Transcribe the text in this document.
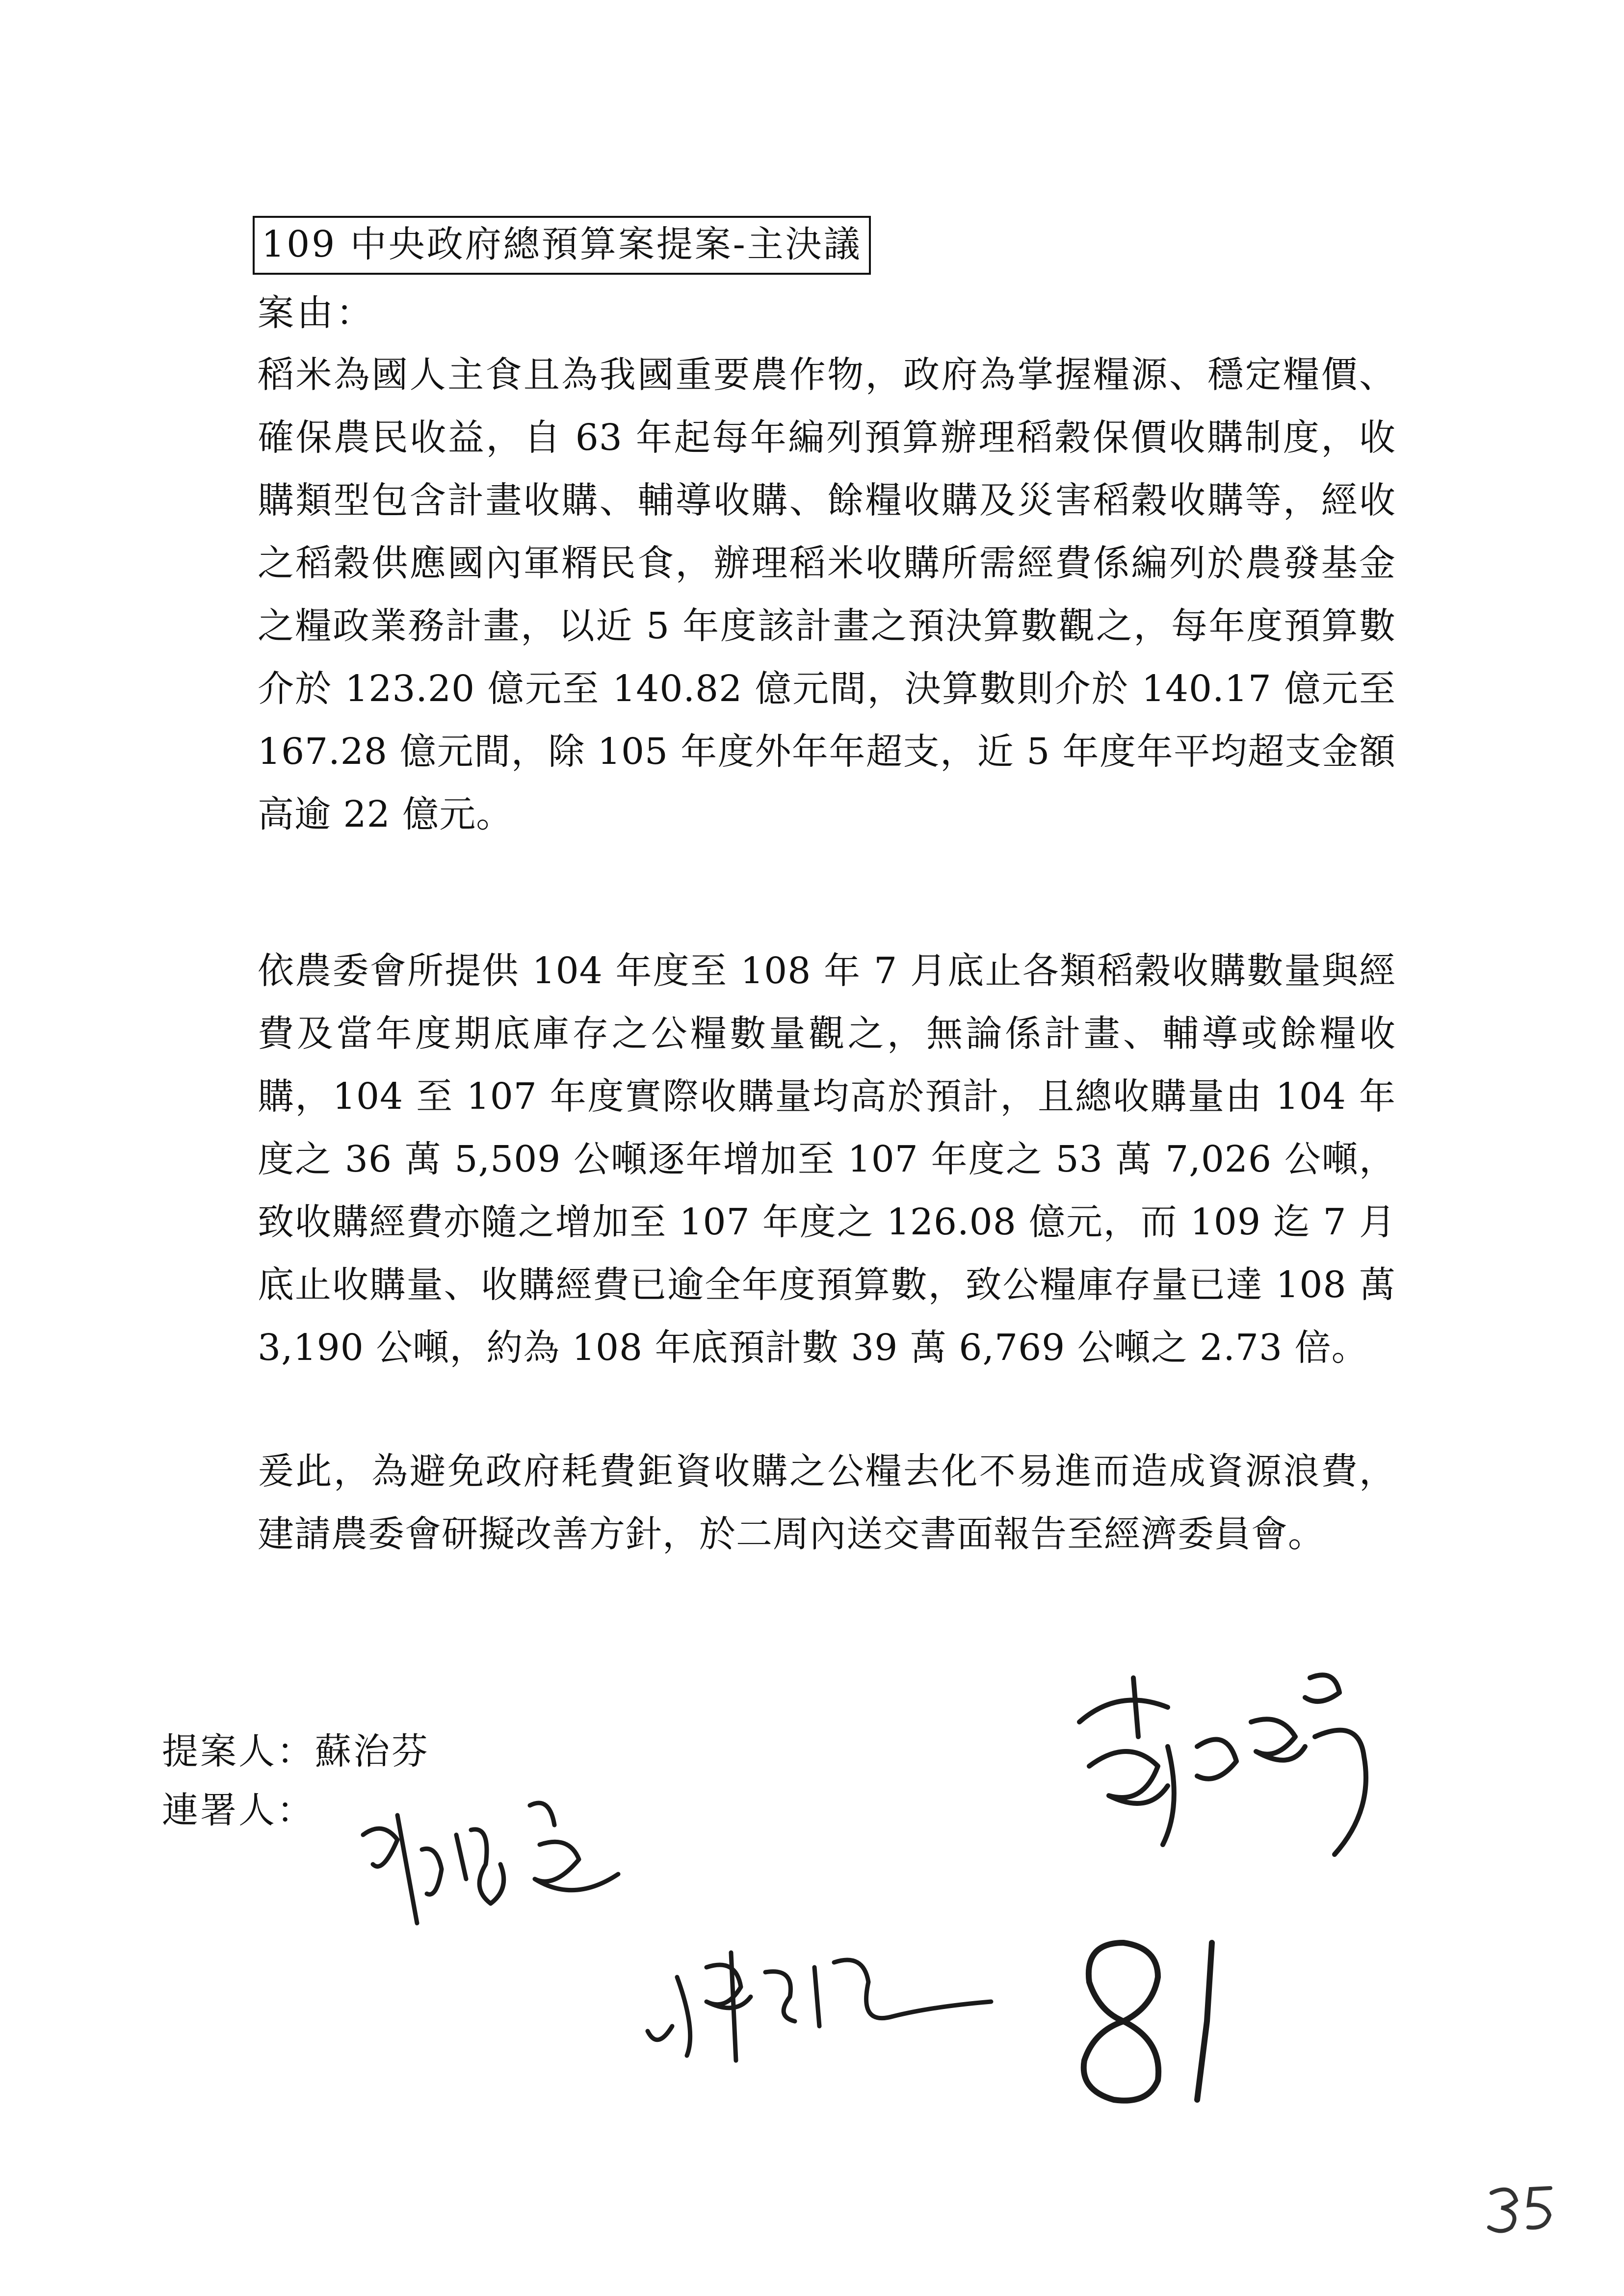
109 中央政府總預算案提案-主決議
案由：

稻米為國人主食且為我國重要農作物，政府為掌握糧源、穩定糧價、確保農民收益，自 63 年起每年編列預算辦理稻穀保價收購制度，收購類型包含計畫收購、輔導收購、餘糧收購及災害稻穀收購等，經收之稻穀供應國內軍糈民食，辦理稻米收購所需經費係編列於農發基金之糧政業務計畫，以近 5 年度該計畫之預決算數觀之，每年度預算數介於 123.20 億元至 140.82 億元間，決算數則介於 140.17 億元至 167.28 億元間，除 105 年度外年年超支，近 5 年度年平均超支金額高逾 22 億元。

依農委會所提供 104 年度至 108 年 7 月底止各類稻穀收購數量與經費及當年度期底庫存之公糧數量觀之，無論係計畫、輔導或餘糧收購，104 至 107 年度實際收購量均高於預計，且總收購量由 104 年度之 36 萬 5,509 公噸逐年增加至 107 年度之 53 萬 7,026 公噸，致收購經費亦隨之增加至 107 年度之 126.08 億元，而 109 迄 7 月底止收購量、收購經費已逾全年度預算數，致公糧庫存量已達 108 萬 3,190 公噸，約為 108 年底預計數 39 萬 6,769 公噸之 2.73 倍。

爰此，為避免政府耗費鉅資收購之公糧去化不易進而造成資源浪費，建請農委會研擬改善方針，於二周內送交書面報告至經濟委員會。

提案人：蘇治芬
連署人：
